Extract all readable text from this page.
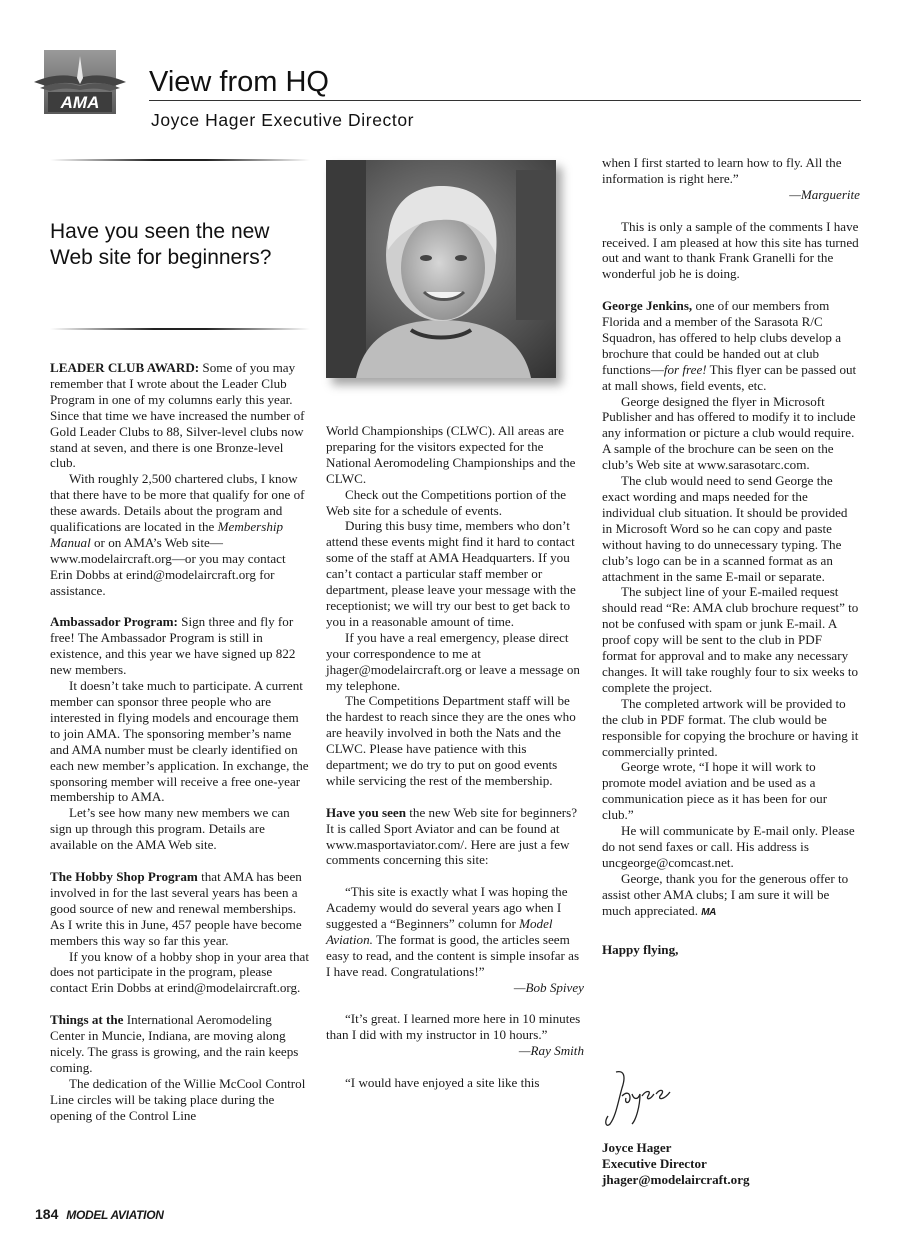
AMA
View from HQ
Joyce Hager Executive Director
Have you seen the new Web site for beginners?

LEADER CLUB AWARD: Some of you may remember that I wrote about the Leader Club Program in one of my columns early this year. Since that time we have increased the number of Gold Leader Clubs to 88, Silver-level clubs now stand at seven, and there is one Bronze-level club.

With roughly 2,500 chartered clubs, I know that there have to be more that qualify for one of these awards. Details about the program and qualifications are located in the Membership Manual or on AMA’s Web site—www.modelaircraft.org—or you may contact Erin Dobbs at erind@modelaircraft.org for assistance.

Ambassador Program: Sign three and fly for free! The Ambassador Program is still in existence, and this year we have signed up 822 new members.

It doesn’t take much to participate. A current member can sponsor three people who are interested in flying models and encourage them to join AMA. The sponsoring member’s name and AMA number must be clearly identified on each new member’s application. In exchange, the sponsoring member will receive a free one-year membership to AMA.

Let’s see how many new members we can sign up through this program. Details are available on the AMA Web site.

The Hobby Shop Program that AMA has been involved in for the last several years has been a good source of new and renewal memberships. As I write this in June, 457 people have become members this way so far this year.

If you know of a hobby shop in your area that does not participate in the program, please contact Erin Dobbs at erind@modelaircraft.org.

Things at the International Aeromodeling Center in Muncie, Indiana, are moving along nicely. The grass is growing, and the rain keeps coming.

The dedication of the Willie McCool Control Line circles will be taking place during the opening of the Control Line

World Championships (CLWC). All areas are preparing for the visitors expected for the National Aeromodeling Championships and the CLWC.

Check out the Competitions portion of the Web site for a schedule of events.

During this busy time, members who don’t attend these events might find it hard to contact some of the staff at AMA Headquarters. If you can’t contact a particular staff member or department, please leave your message with the receptionist; we will try our best to get back to you in a reasonable amount of time.

If you have a real emergency, please direct your correspondence to me at jhager@modelaircraft.org or leave a message on my telephone.

The Competitions Department staff will be the hardest to reach since they are the ones who are heavily involved in both the Nats and the CLWC. Please have patience with this department; we do try to put on good events while servicing the rest of the membership.

Have you seen the new Web site for beginners? It is called Sport Aviator and can be found at www.masportaviator.com/. Here are just a few comments concerning this site:

“This site is exactly what I was hoping the Academy would do several years ago when I suggested a “Beginners” column for Model Aviation. The format is good, the articles seem easy to read, and the content is simple insofar as I have read. Congratulations!”

—Bob Spivey

“It’s great. I learned more here in 10 minutes than I did with my instructor in 10 hours.”

—Ray Smith

“I would have enjoyed a site like this

when I first started to learn how to fly. All the information is right here.”

—Marguerite

This is only a sample of the comments I have received. I am pleased at how this site has turned out and want to thank Frank Granelli for the wonderful job he is doing.

George Jenkins, one of our members from Florida and a member of the Sarasota R/C Squadron, has offered to help clubs develop a brochure that could be handed out at club functions—for free! This flyer can be passed out at mall shows, field events, etc.

George designed the flyer in Microsoft Publisher and has offered to modify it to include any information or picture a club would require. A sample of the brochure can be seen on the club’s Web site at www.sarasotarc.com.

The club would need to send George the exact wording and maps needed for the individual club situation. It should be provided in Microsoft Word so he can copy and paste without having to do unnecessary typing. The club’s logo can be in a scanned format as an attachment in the same E-mail or separate.

The subject line of your E-mailed request should read “Re: AMA club brochure request” to not be confused with spam or junk E-mail. A proof copy will be sent to the club in PDF format for approval and to make any necessary changes. It will take roughly four to six weeks to complete the project.

The completed artwork will be provided to the club in PDF format. The club would be responsible for copying the brochure or having it commercially printed.

George wrote, “I hope it will work to promote model aviation and be used as a communication piece as it has been for our club.”

He will communicate by E-mail only. Please do not send faxes or call. His address is uncgeorge@comcast.net.

George, thank you for the generous offer to assist other AMA clubs; I am sure it will be much appreciated. MA

Happy flying,

Joyce Hager
Executive Director
jhager@modelaircraft.org
184 MODEL AVIATION
